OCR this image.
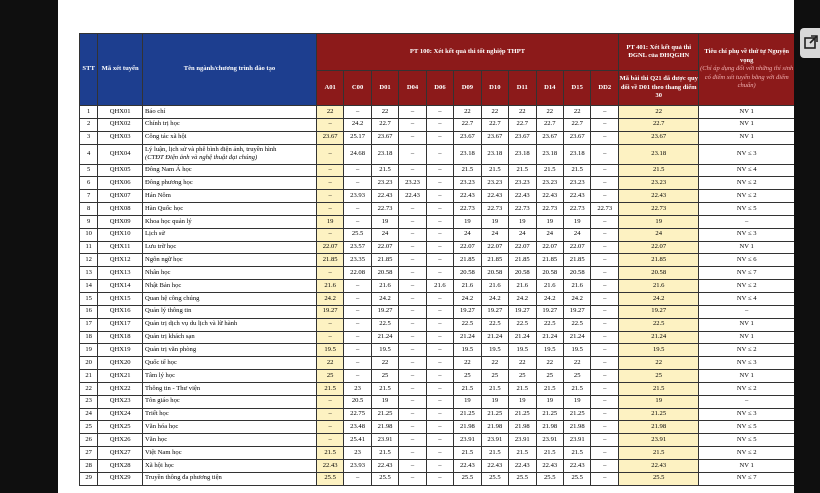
STT	Mã xét tuyển	Tên ngành/chương trình đào tạo	PT 100: Xét kết quả thi tốt nghiệp THPT											PT 401: Xét kết quả thi ĐGNL của ĐHQGHN	Tiêu chí phụ về thứ tự Nguyện vọng
(Chỉ áp dụng đối với những thí sinh có điểm xét tuyển bằng với điểm chuẩn)
			A01	C00	D01	D04	D06	D09	D10	D11	D14	D15	DD2	Mã bài thi Q21 đã được quy đổi về D01 theo thang điểm 30	
1	QHX01	Báo chí	22	–	22	–	–	22	22	22	22	22	–	22	NV 1
2	QHX02	Chính trị học	–	24.2	22.7	–	–	22.7	22.7	22.7	22.7	22.7	–	22.7	NV 1
3	QHX03	Công tác xã hội	23.67	25.17	23.67	–	–	23.67	23.67	23.67	23.67	23.67	–	23.67	NV 1
4	QHX04	Lý luận, lịch sử và phê bình điện ảnh, truyền hình
(CTĐT Điện ảnh và nghệ thuật đại chúng)	–	24.68	23.18	–	–	23.18	23.18	23.18	23.18	23.18	–	23.18	NV ≤ 3
5	QHX05	Đông Nam Á học	–	–	21.5	–	–	21.5	21.5	21.5	21.5	21.5	–	21.5	NV ≤ 4
6	QHX06	Đông phương học	–	–	23.23	23.23	–	23.23	23.23	23.23	23.23	23.23	–	23.23	NV ≤ 2
7	QHX07	Hán Nôm	–	23.93	22.43	22.43	–	22.43	22.43	22.43	22.43	22.43	–	22.43	NV ≤ 2
8	QHX08	Hàn Quốc học	–	–	22.73	–	–	22.73	22.73	22.73	22.73	22.73	22.73	22.73	NV ≤ 5
9	QHX09	Khoa học quản lý	19	–	19	–	–	19	19	19	19	19	–	19	–
10	QHX10	Lịch sử	–	25.5	24	–	–	24	24	24	24	24	–	24	NV ≤ 3
11	QHX11	Lưu trữ học	22.07	23.57	22.07	–	–	22.07	22.07	22.07	22.07	22.07	–	22.07	NV 1
12	QHX12	Ngôn ngữ học	21.85	23.35	21.85	–	–	21.85	21.85	21.85	21.85	21.85	–	21.85	NV ≤ 6
13	QHX13	Nhân học	–	22.08	20.58	–	–	20.58	20.58	20.58	20.58	20.58	–	20.58	NV ≤ 7
14	QHX14	Nhật Bản học	21.6	–	21.6	–	21.6	21.6	21.6	21.6	21.6	21.6	–	21.6	NV ≤ 2
15	QHX15	Quan hệ công chúng	24.2	–	24.2	–	–	24.2	24.2	24.2	24.2	24.2	–	24.2	NV ≤ 4
16	QHX16	Quản lý thông tin	19.27	–	19.27	–	–	19.27	19.27	19.27	19.27	19.27	–	19.27	–
17	QHX17	Quản trị dịch vụ du lịch và lữ hành	–	–	22.5	–	–	22.5	22.5	22.5	22.5	22.5	–	22.5	NV 1
18	QHX18	Quản trị khách sạn	–	–	21.24	–	–	21.24	21.24	21.24	21.24	21.24	–	21.24	NV 1
19	QHX19	Quản trị văn phòng	19.5	–	19.5	–	–	19.5	19.5	19.5	19.5	19.5	–	19.5	NV ≤ 2
20	QHX20	Quốc tế học	22	–	22	–	–	22	22	22	22	22	–	22	NV ≤ 3
21	QHX21	Tâm lý học	25	–	25	–	–	25	25	25	25	25	–	25	NV 1
22	QHX22	Thông tin - Thư viện	21.5	23	21.5	–	–	21.5	21.5	21.5	21.5	21.5	–	21.5	NV ≤ 2
23	QHX23	Tôn giáo học	–	20.5	19	–	–	19	19	19	19	19	–	19	–
24	QHX24	Triết học	–	22.75	21.25	–	–	21.25	21.25	21.25	21.25	21.25	–	21.25	NV ≤ 3
25	QHX25	Văn hóa học	–	23.48	21.98	–	–	21.98	21.98	21.98	21.98	21.98	–	21.98	NV ≤ 5
26	QHX26	Văn học	–	25.41	23.91	–	–	23.91	23.91	23.91	23.91	23.91	–	23.91	NV ≤ 5
27	QHX27	Việt Nam học	21.5	23	21.5	–	–	21.5	21.5	21.5	21.5	21.5	–	21.5	NV ≤ 2
28	QHX28	Xã hội học	22.43	23.93	22.43	–	–	22.43	22.43	22.43	22.43	22.43	–	22.43	NV 1
29	QHX29	Truyền thông đa phương tiện	25.5	–	25.5	–	–	25.5	25.5	25.5	25.5	25.5	–	25.5	NV ≤ 7
